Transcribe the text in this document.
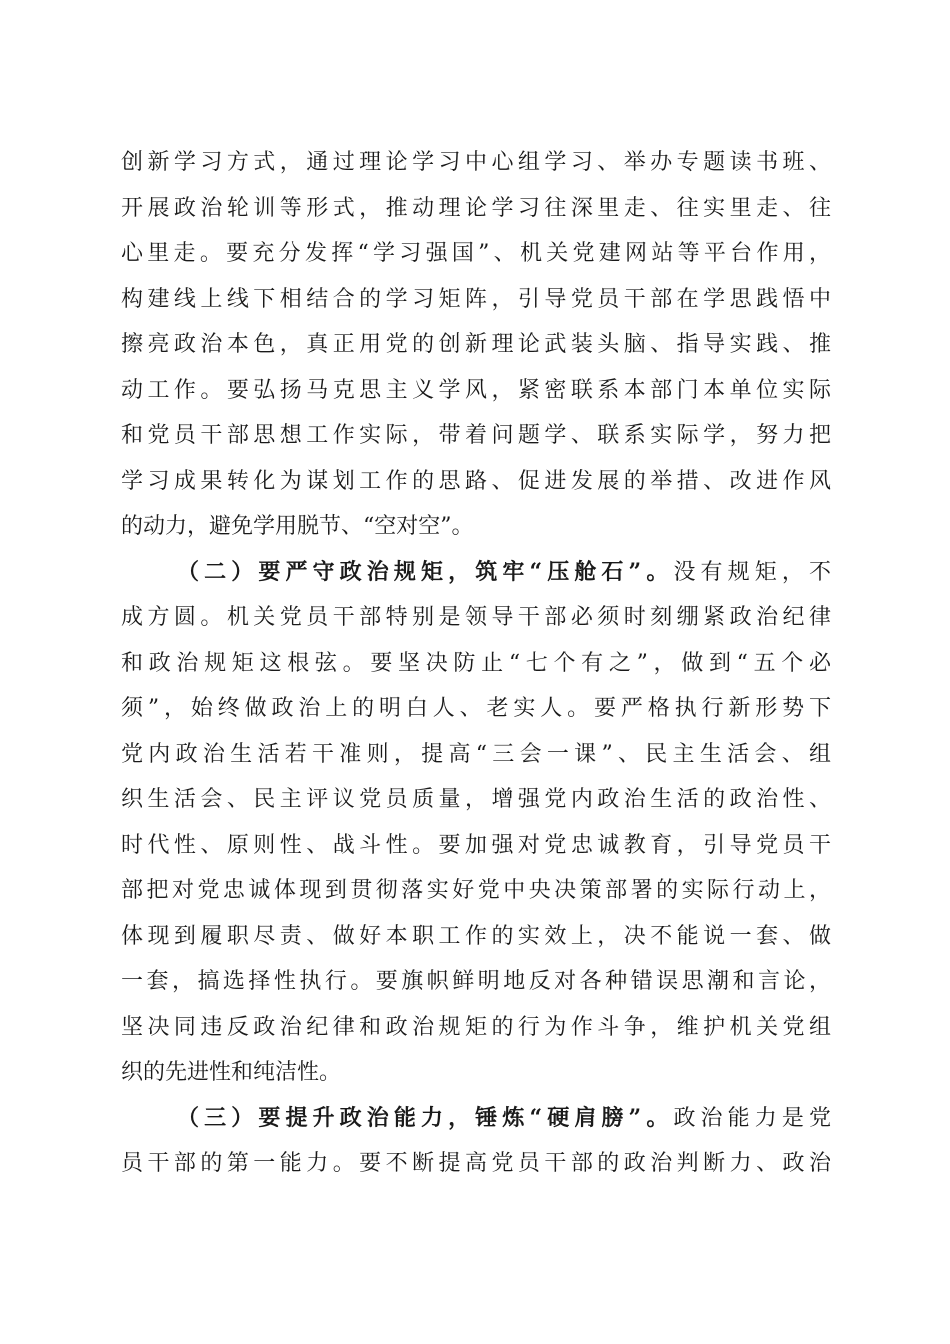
创新学习方式，通过理论学习中心组学习、举办专题读书班、
开展政治轮训等形式，推动理论学习往深里走、往实里走、往
心里走。要充分发挥“学习强国”、机关党建网站等平台作用，
构建线上线下相结合的学习矩阵，引导党员干部在学思践悟中
擦亮政治本色，真正用党的创新理论武装头脑、指导实践、推
动工作。要弘扬马克思主义学风，紧密联系本部门本单位实际
和党员干部思想工作实际，带着问题学、联系实际学，努力把
学习成果转化为谋划工作的思路、促进发展的举措、改进作风
的动力，避免学用脱节、“空对空”。
（二）要严守政治规矩，筑牢“压舱石”。没有规矩，不
成方圆。机关党员干部特别是领导干部必须时刻绷紧政治纪律
和政治规矩这根弦。要坚决防止“七个有之”，做到“五个必
须”，始终做政治上的明白人、老实人。要严格执行新形势下
党内政治生活若干准则，提高“三会一课”、民主生活会、组
织生活会、民主评议党员质量，增强党内政治生活的政治性、
时代性、原则性、战斗性。要加强对党忠诚教育，引导党员干
部把对党忠诚体现到贯彻落实好党中央决策部署的实际行动上，
体现到履职尽责、做好本职工作的实效上，决不能说一套、做
一套，搞选择性执行。要旗帜鲜明地反对各种错误思潮和言论，
坚决同违反政治纪律和政治规矩的行为作斗争，维护机关党组
织的先进性和纯洁性。
（三）要提升政治能力，锤炼“硬肩膀”。政治能力是党
员干部的第一能力。要不断提高党员干部的政治判断力、政治
